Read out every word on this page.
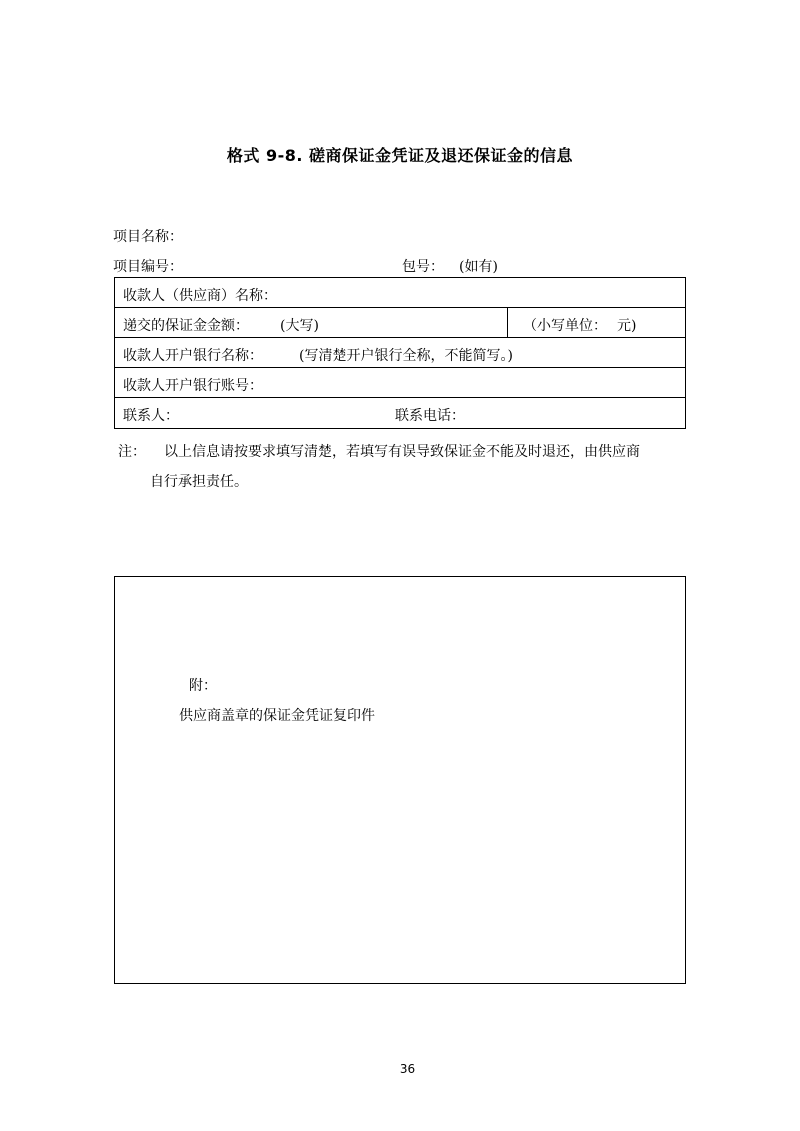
格式 9-8. 磋商保证金凭证及退还保证金的信息
项目名称：
项目编号：	包号： (如有)
收款人（供应商）名称：
递交的保证金金额： (大写)	（小写单位： 元)
收款人开户银行名称：	(写清楚开户银行全称，不能简写。)
收款人开户银行账号：
联系人：	联系电话：
注： 以上信息请按要求填写清楚，若填写有误导致保证金不能及时退还，由供应商
自行承担责任。
附：
供应商盖章的保证金凭证复印件
36
